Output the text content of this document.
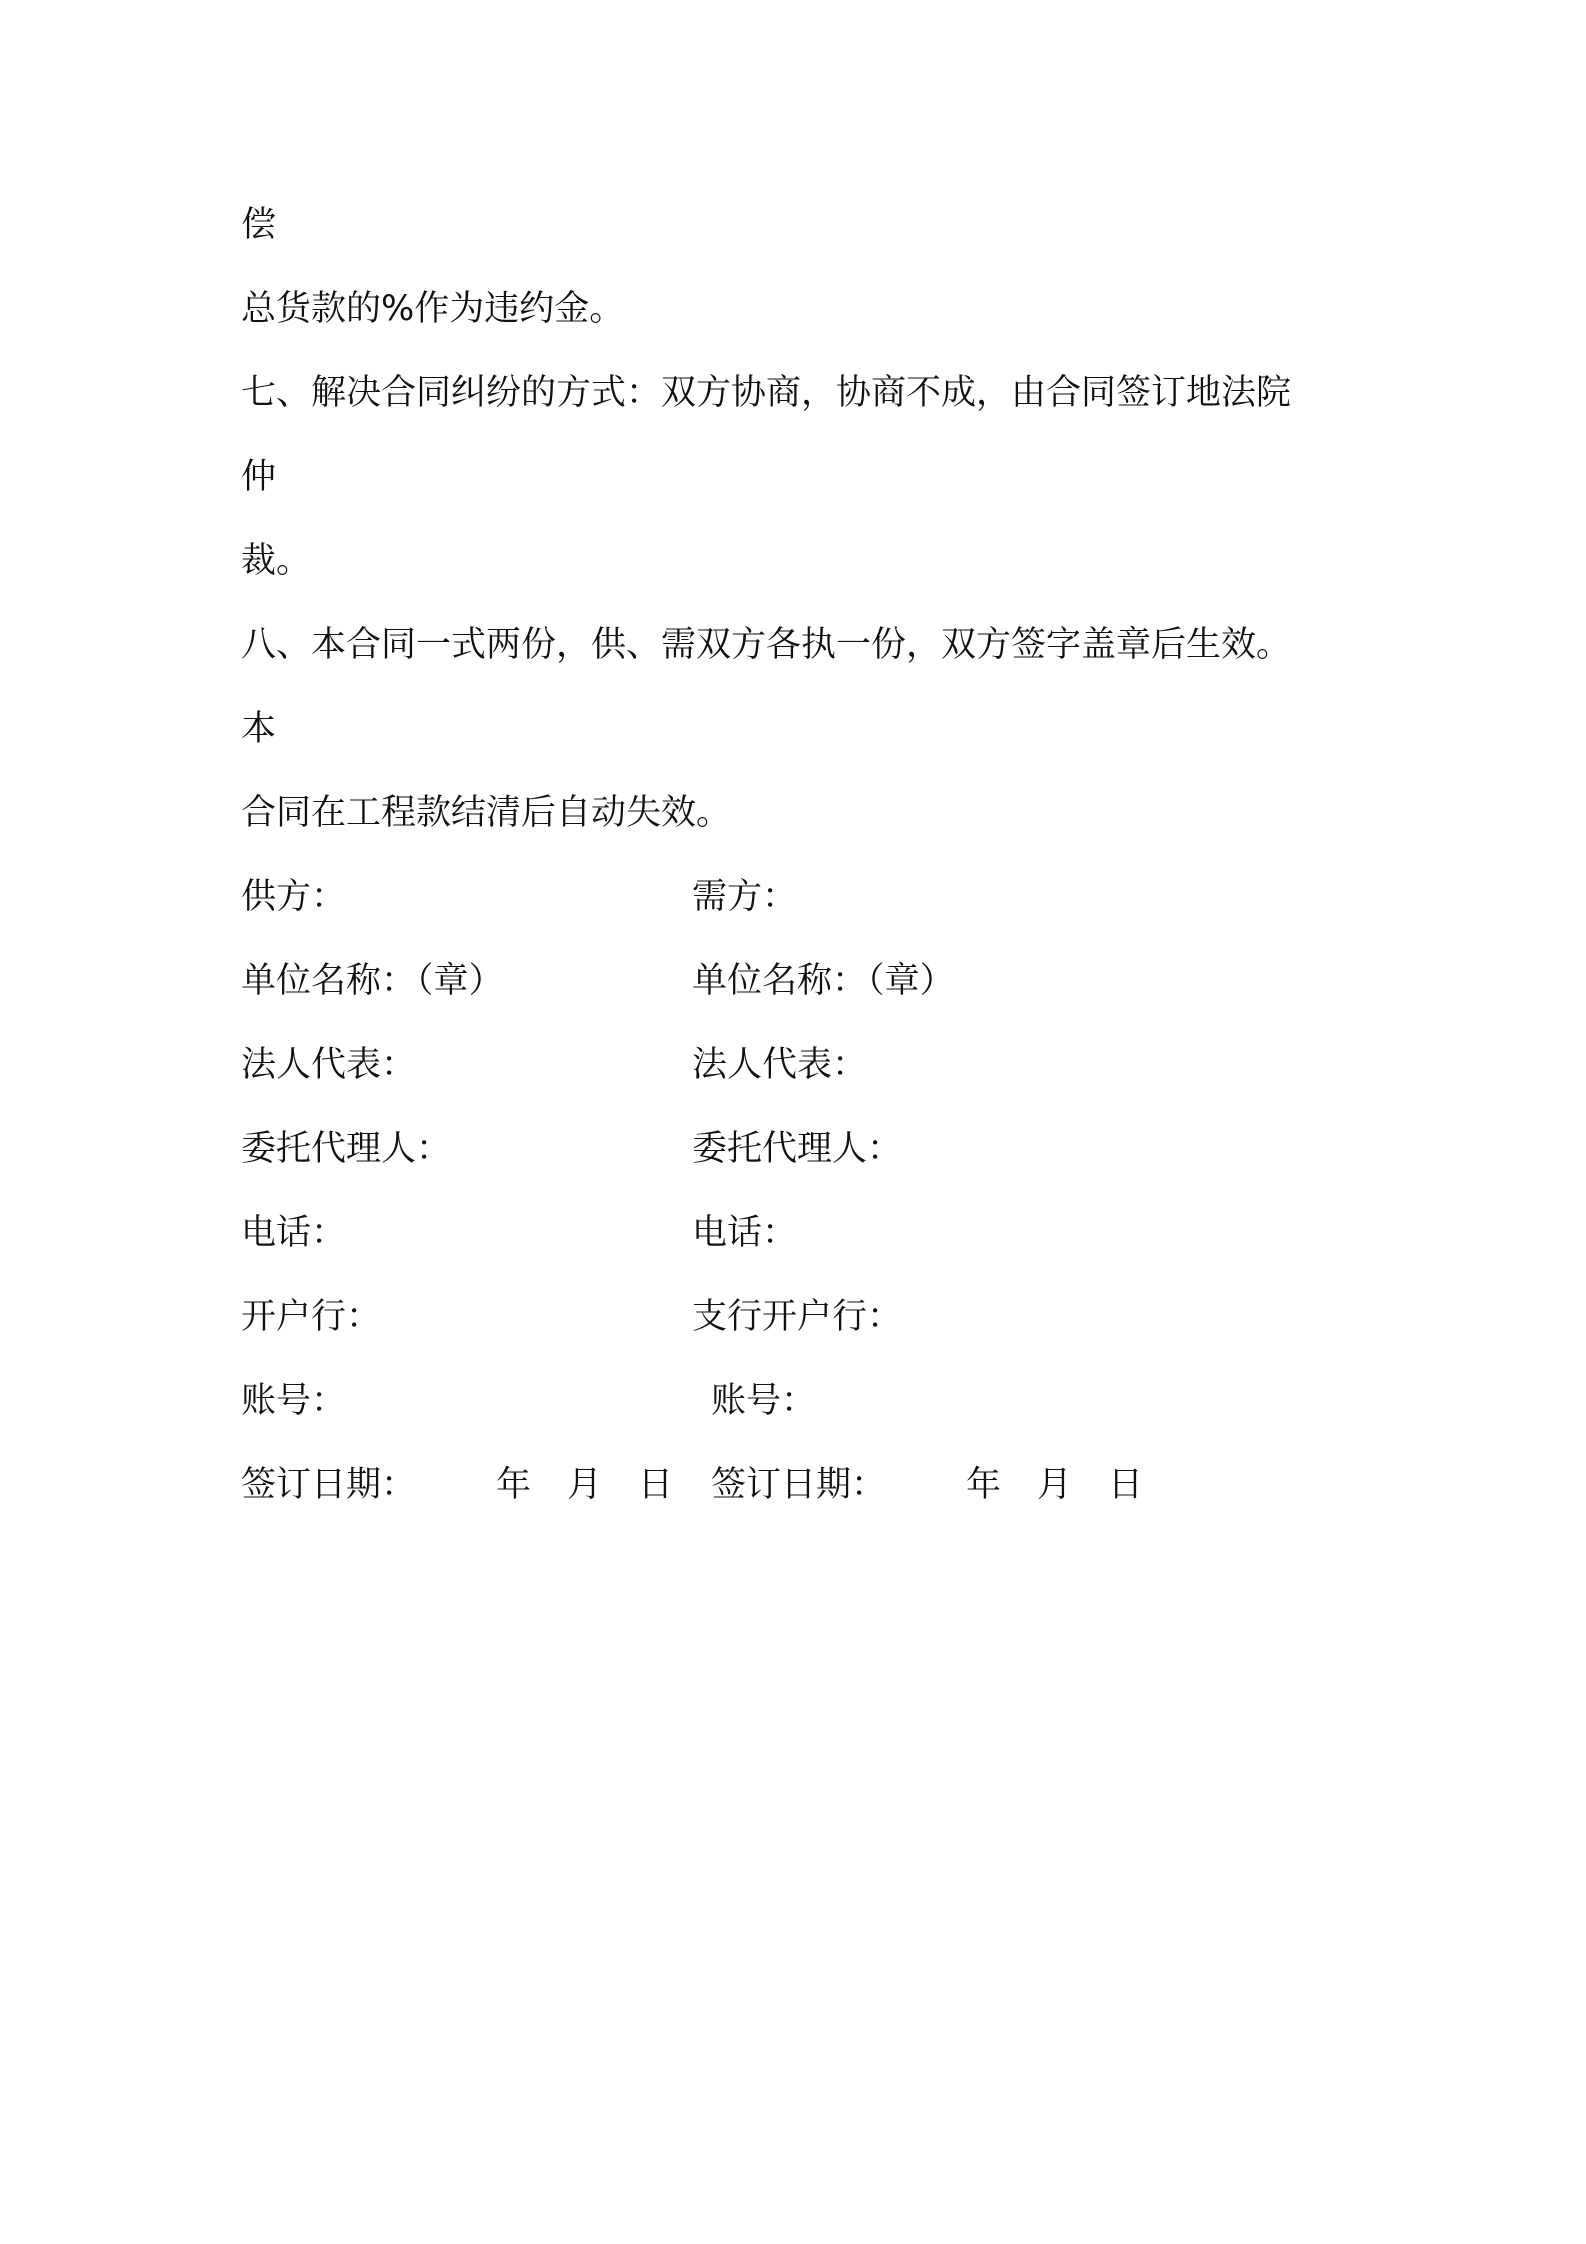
偿
总货款的%作为违约金。
七、解决合同纠纷的方式：双方协商，协商不成，由合同签订地法院
仲
裁。
八、本合同一式两份，供、需双方各执一份，双方签字盖章后生效。
本
合同在工程款结清后自动失效。
供方：
单位名称：（章）
法人代表：
委托代理人：
电话：
开户行：
账号：
签订日期： 年 月 日
需方：
单位名称：（章）
法人代表：
委托代理人：
电话：
支行开户行：
账号：
签订日期： 年 月 日
